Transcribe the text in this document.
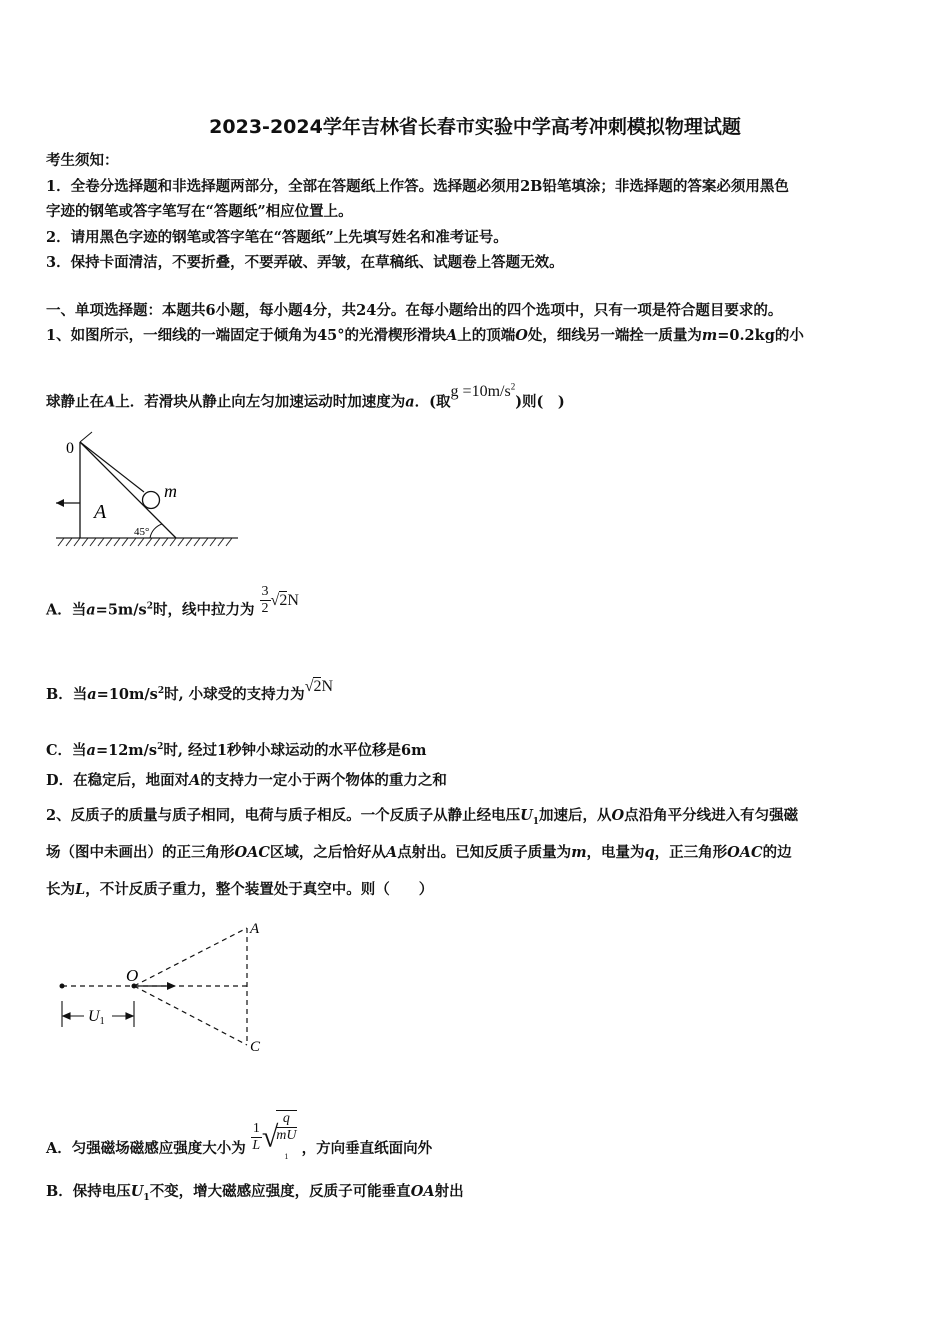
2023-2024学年吉林省长春市实验中学高考冲刺模拟物理试题
考生须知：
1．全卷分选择题和非选择题两部分，全部在答题纸上作答。选择题必须用2B铅笔填涂；非选择题的答案必须用黑色
字迹的钢笔或答字笔写在“答题纸”相应位置上。
2．请用黑色字迹的钢笔或答字笔在“答题纸”上先填写姓名和准考证号。
3．保持卡面清洁，不要折叠，不要弄破、弄皱，在草稿纸、试题卷上答题无效。
一、单项选择题：本题共6小题，每小题4分，共24分。在每小题给出的四个选项中，只有一项是符合题目要求的。
1、如图所示，一细线的一端固定于倾角为45°的光滑楔形滑块A上的顶端O处，细线另一端拴一质量为m=0.2kg的小
球静止在A上．若滑块从静止向左匀加速运动时加速度为a．(取$g =10m/s^2$)则(　)
0
m
A
45°
A．当$a=5m/s^2$时，线中拉力为 $\frac{3}{2} √2N$
B．当$a=10m/s^2$时, 小球受的支持力为√2N
C．当$a=12m/s^2$时, 经过1秒钟小球运动的水平位移是6m
D．在稳定后，地面对A的支持力一定小于两个物体的重力之和
2、反质子的质量与质子相同，电荷与质子相反。一个反质子从静止经电压$U_1$加速后，从O点沿角平分线进入有匀强磁
场（图中未画出）的正三角形OAC区域，之后恰好从A点射出。已知反质子质量为m，电量为q，正三角形OAC的边
长为L，不计反质子重力，整个装置处于真空中。则（　　）
O
A
C
U1
A．匀强磁场磁感应强度大小为 $\frac{1}{L}$ √
q
mU
$_1$ ，方向垂直纸面向外
B．保持电压$U_1$不变，增大磁感应强度，反质子可能垂直OA射出
